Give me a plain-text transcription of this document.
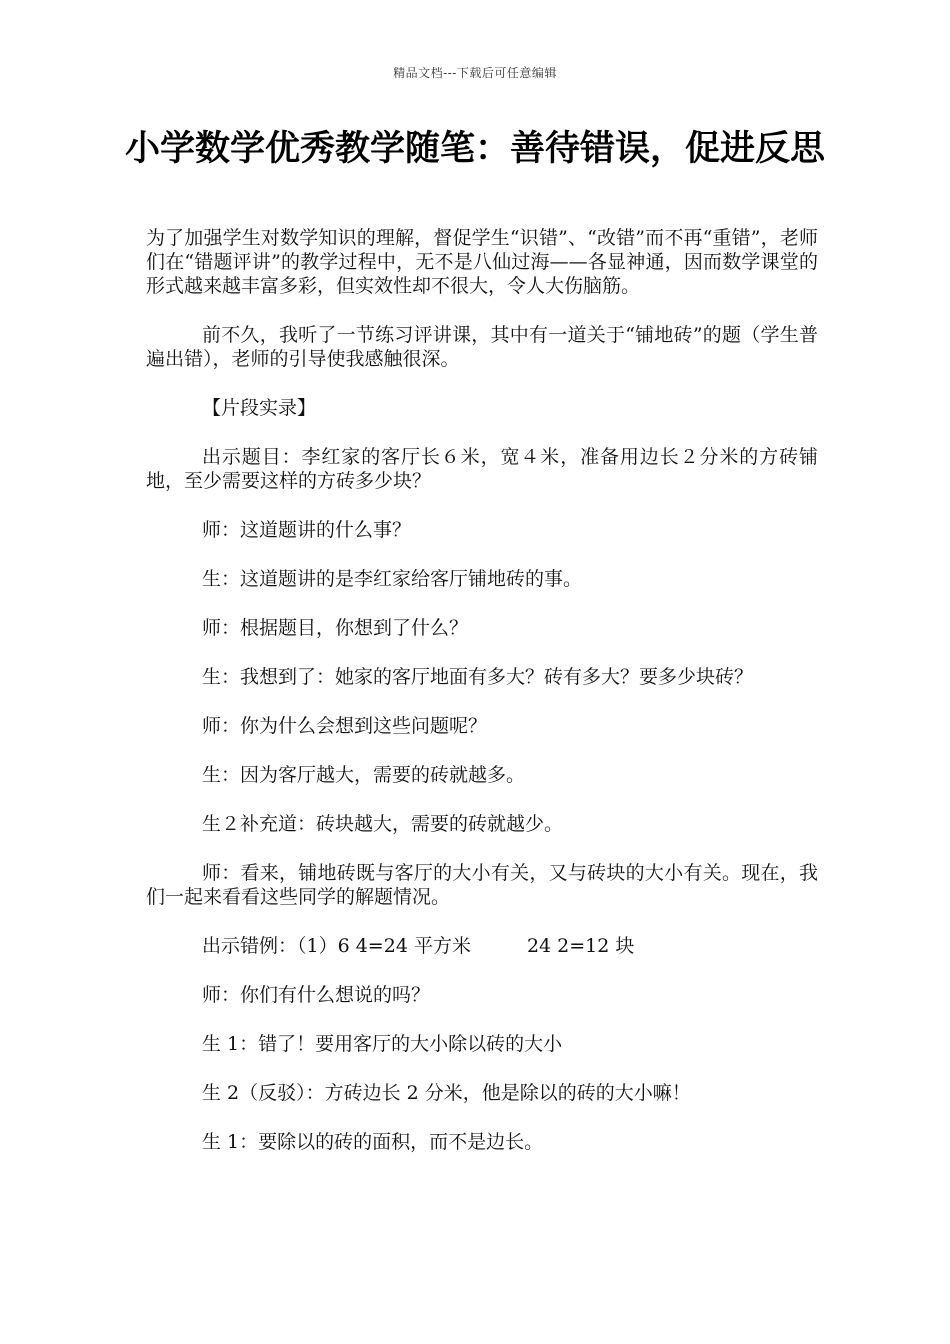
精品文档---下载后可任意编辑
小学数学优秀教学随笔：善待错误，促进反思

为了加强学生对数学知识的理解，督促学生“识错”、“改错”而不再“重错”，老师们在“错题评讲”的教学过程中，无不是八仙过海——各显神通，因而数学课堂的形式越来越丰富多彩，但实效性却不很大，令人大伤脑筋。

前不久，我听了一节练习评讲课，其中有一道关于“铺地砖”的题（学生普遍出错），老师的引导使我感触很深。

【片段实录】

出示题目：李红家的客厅长６米，宽４米，准备用边长２分米的方砖铺地，至少需要这样的方砖多少块？

师：这道题讲的什么事？

生：这道题讲的是李红家给客厅铺地砖的事。

师：根据题目，你想到了什么？

生：我想到了：她家的客厅地面有多大？砖有多大？要多少块砖？

师：你为什么会想到这些问题呢？

生：因为客厅越大，需要的砖就越多。

生２补充道：砖块越大，需要的砖就越少。

师：看来，铺地砖既与客厅的大小有关，又与砖块的大小有关。现在，我们一起来看看这些同学的解题情况。

出示错例：（1）6 4=24 平方米	24 2=12 块

师：你们有什么想说的吗？

生 1：错了！要用客厅的大小除以砖的大小

生 2（反驳）：方砖边长 2 分米，他是除以的砖的大小嘛！

生 1：要除以的砖的面积，而不是边长。
